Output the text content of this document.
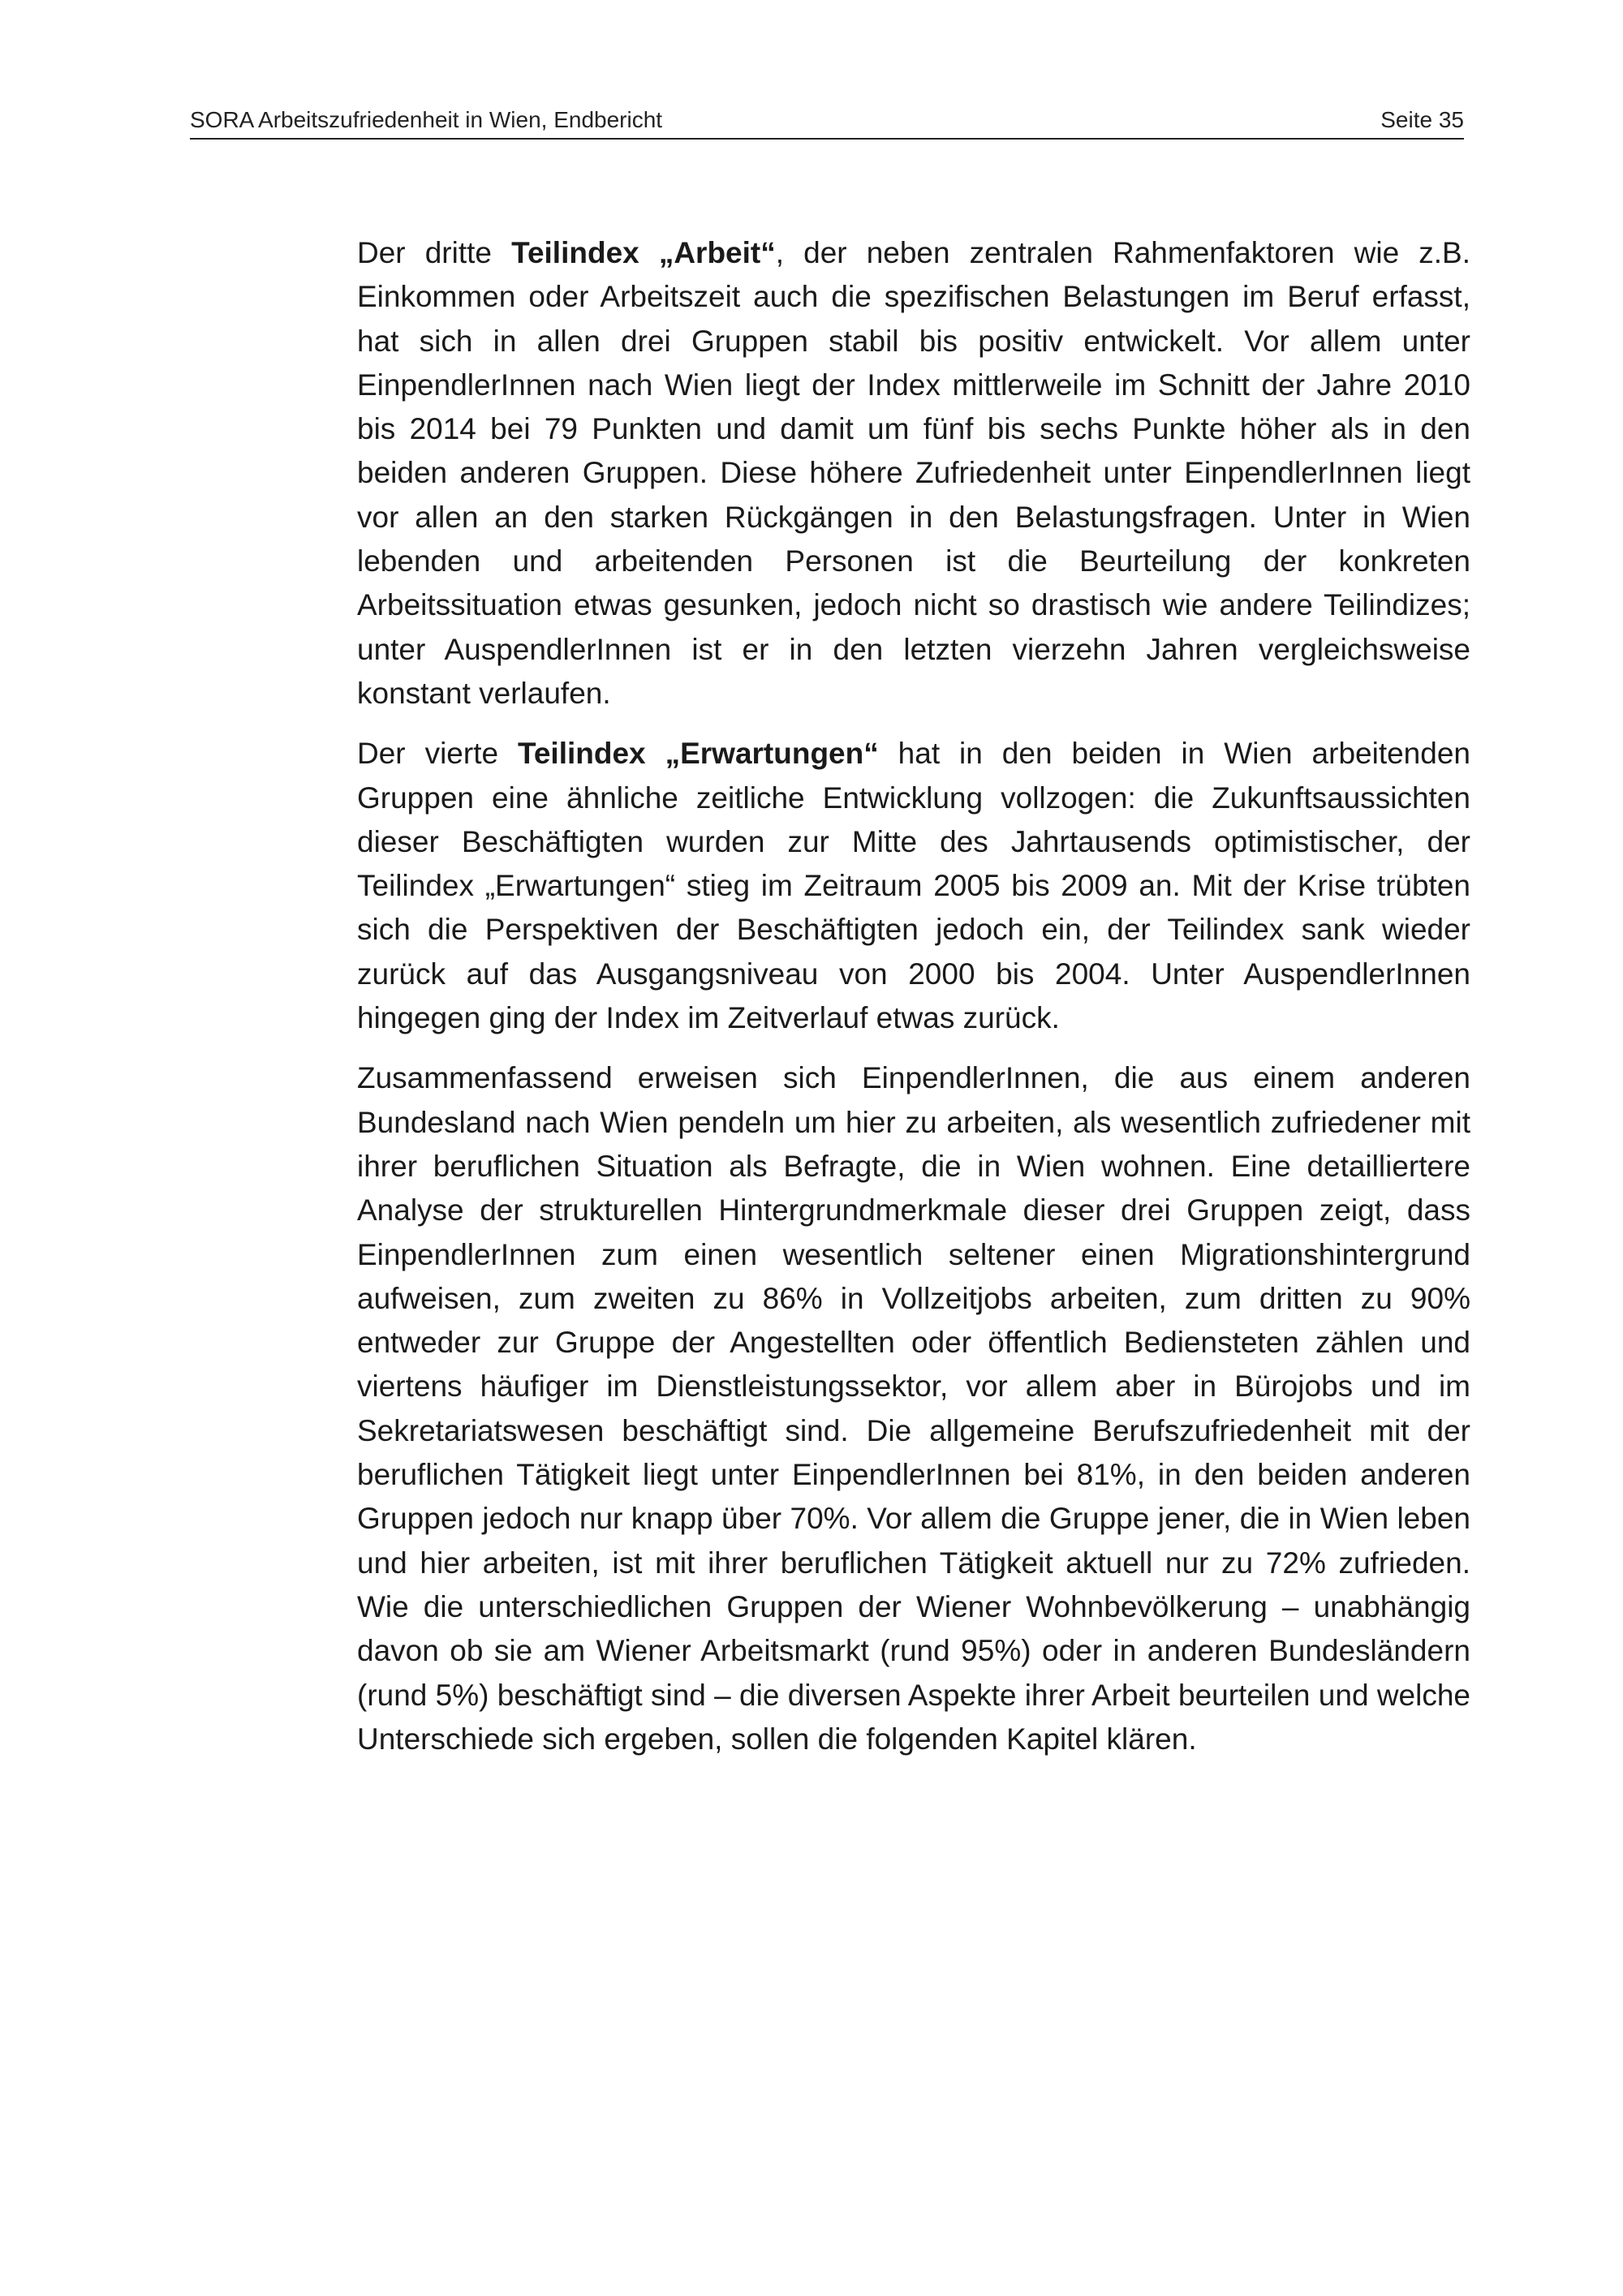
SORA Arbeitszufriedenheit in Wien, Endbericht	Seite 35

Der dritte Teilindex „Arbeit“, der neben zentralen Rahmenfaktoren wie z.B. Einkommen oder Arbeitszeit auch die spezifischen Belastungen im Beruf erfasst, hat sich in allen drei Gruppen stabil bis positiv entwickelt. Vor allem unter EinpendlerInnen nach Wien liegt der Index mittlerweile im Schnitt der Jahre 2010 bis 2014 bei 79 Punkten und damit um fünf bis sechs Punkte höher als in den beiden anderen Gruppen. Diese höhere Zufriedenheit unter EinpendlerInnen liegt vor allen an den starken Rückgängen in den Belastungsfragen. Unter in Wien lebenden und arbeitenden Personen ist die Beurteilung der konkreten Arbeitssituation etwas gesunken, jedoch nicht so drastisch wie andere Teilindizes; unter AuspendlerInnen ist er in den letzten vierzehn Jahren vergleichsweise konstant verlaufen.

Der vierte Teilindex „Erwartungen“ hat in den beiden in Wien arbeitenden Gruppen eine ähnliche zeitliche Entwicklung vollzogen: die Zukunftsaussichten dieser Beschäftigten wurden zur Mitte des Jahrtausends optimistischer, der Teilindex „Erwartungen“ stieg im Zeitraum 2005 bis 2009 an. Mit der Krise trübten sich die Perspektiven der Beschäftigten jedoch ein, der Teilindex sank wieder zurück auf das Ausgangsniveau von 2000 bis 2004. Unter AuspendlerInnen hingegen ging der Index im Zeitverlauf etwas zurück.

Zusammenfassend erweisen sich EinpendlerInnen, die aus einem anderen Bundesland nach Wien pendeln um hier zu arbeiten, als wesentlich zufriedener mit ihrer beruflichen Situation als Befragte, die in Wien wohnen. Eine detailliertere Analyse der strukturellen Hintergrundmerkmale dieser drei Gruppen zeigt, dass EinpendlerInnen zum einen wesentlich seltener einen Migrationshintergrund aufweisen, zum zweiten zu 86% in Vollzeitjobs arbeiten, zum dritten zu 90% entweder zur Gruppe der Angestellten oder öffentlich Bediensteten zählen und viertens häufiger im Dienstleistungssektor, vor allem aber in Bürojobs und im Sekretariatswesen beschäftigt sind. Die allgemeine Berufszufriedenheit mit der beruflichen Tätigkeit liegt unter EinpendlerInnen bei 81%, in den beiden anderen Gruppen jedoch nur knapp über 70%. Vor allem die Gruppe jener, die in Wien leben und hier arbeiten, ist mit ihrer beruflichen Tätigkeit aktuell nur zu 72% zufrieden. Wie die unterschiedlichen Gruppen der Wiener Wohnbevölkerung – unabhängig davon ob sie am Wiener Arbeitsmarkt (rund 95%) oder in anderen Bundesländern (rund 5%) beschäftigt sind – die diversen Aspekte ihrer Arbeit beurteilen und welche Unterschiede sich ergeben, sollen die folgenden Kapitel klären.
